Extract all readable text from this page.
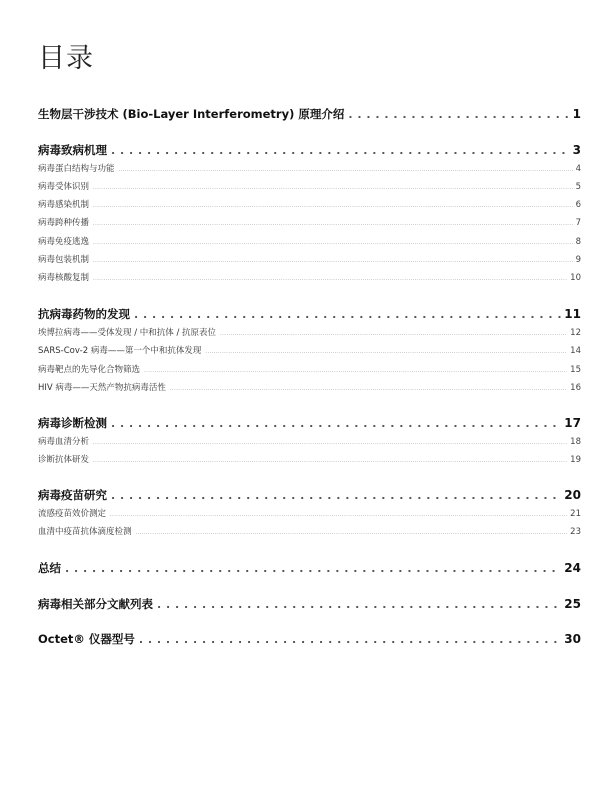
目录
生物层干涉技术 (Bio-Layer Interferometry) 原理介绍 . . .	1
病毒致病机理 . . .	3
病毒蛋白结构与功能 .....	4
病毒受体识别 .....	5
病毒感染机制 .....	6
病毒跨种传播 .....	7
病毒免疫逃逸 .....	8
病毒包装机制 .....	9
病毒核酸复制 .....	10
抗病毒药物的发现 . . .	11
埃博拉病毒——受体发现 / 中和抗体 / 抗原表位 .....	12
SARS-Cov-2 病毒——第一个中和抗体发现 .....	14
病毒靶点的先导化合物筛选 .....	15
HIV 病毒——天然产物抗病毒活性 .....	16
病毒诊断检测 . . .	17
病毒血清分析 .....	18
诊断抗体研发 .....	19
病毒疫苗研究 . . .	20
流感疫苗效价测定 .....	21
血清中疫苗抗体滴度检测 .....	23
总结 . . .	24
病毒相关部分文献列表 . . .	25
Octet® 仪器型号 . . .	30
